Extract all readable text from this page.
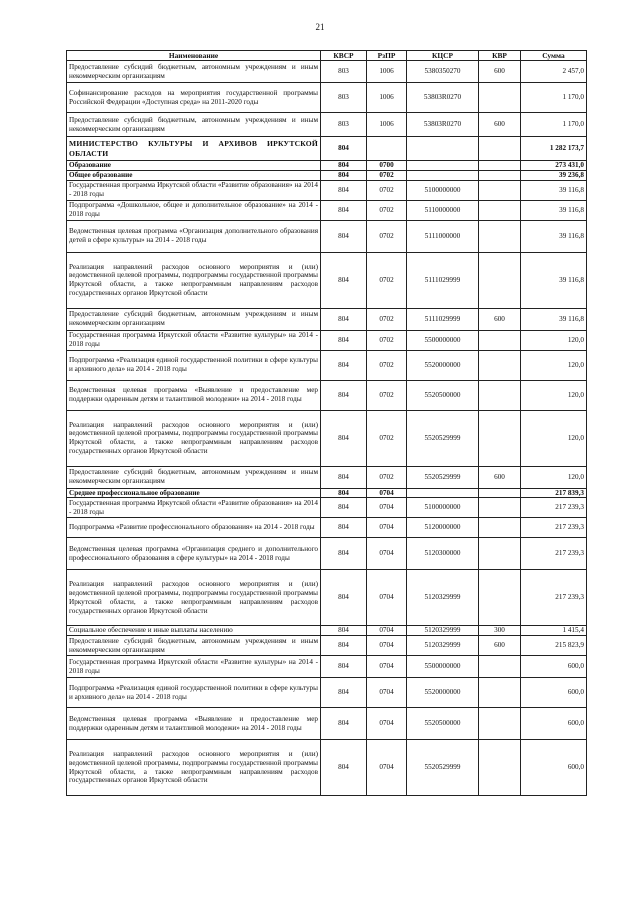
21
Наименование	КВСР	РзПР	КЦСР	КВР	Сумма
Предоставление субсидий бюджетным, автономным учреждениям и иным некоммерческим организациям	803	1006	5380350270	600	2 457,0
Софинансирование расходов на мероприятия государственной программы Российской Федерации «Доступная среда» на 2011-2020 годы	803	1006	53803R0270		1 170,0
Предоставление субсидий бюджетным, автономным учреждениям и иным некоммерческим организациям	803	1006	53803R0270	600	1 170,0
МИНИСТЕРСТВО КУЛЬТУРЫ И АРХИВОВ ИРКУТСКОЙ ОБЛАСТИ	804				1 282 173,7
Образование	804	0700			273 431,0
Общее образование	804	0702			39 236,8
Государственная программа Иркутской области «Развитие образования» на 2014 - 2018 годы	804	0702	5100000000		39 116,8
Подпрограмма «Дошкольное, общее и дополнительное образование» на 2014 - 2018 годы	804	0702	5110000000		39 116,8
Ведомственная целевая программа «Организация дополнительного образования детей в сфере культуры» на 2014 - 2018 годы	804	0702	5111000000		39 116,8
Реализация направлений расходов основного мероприятия и (или) ведомственной целевой программы, подпрограммы государственной программы Иркутской области, а также непрограммным направлениям расходов государственных органов Иркутской области	804	0702	5111029999		39 116,8
Предоставление субсидий бюджетным, автономным учреждениям и иным некоммерческим организациям	804	0702	5111029999	600	39 116,8
Государственная программа Иркутской области «Развитие культуры» на 2014 - 2018 годы	804	0702	5500000000		120,0
Подпрограмма «Реализация единой государственной политики в сфере культуры и архивного дела» на 2014 - 2018 годы	804	0702	5520000000		120,0
Ведомственная целевая программа «Выявление и предоставление мер поддержки одаренным детям и талантливой молодежи» на 2014 - 2018 годы	804	0702	5520500000		120,0
Реализация направлений расходов основного мероприятия и (или) ведомственной целевой программы, подпрограммы государственной программы Иркутской области, а также непрограммным направлениям расходов государственных органов Иркутской области	804	0702	5520529999		120,0
Предоставление субсидий бюджетным, автономным учреждениям и иным некоммерческим организациям	804	0702	5520529999	600	120,0
Среднее профессиональное образование	804	0704			217 839,3
Государственная программа Иркутской области «Развитие образования» на 2014 - 2018 годы	804	0704	5100000000		217 239,3
Подпрограмма «Развитие профессионального образования» на 2014 - 2018 годы	804	0704	5120000000		217 239,3
Ведомственная целевая программа «Организация среднего и дополнительного профессионального образования в сфере культуры» на 2014 - 2018 годы	804	0704	5120300000		217 239,3
Реализация направлений расходов основного мероприятия и (или) ведомственной целевой программы, подпрограммы государственной программы Иркутской области, а также непрограммным направлениям расходов государственных органов Иркутской области	804	0704	5120329999		217 239,3
Социальное обеспечение и иные выплаты населению	804	0704	5120329999	300	1 415,4
Предоставление субсидий бюджетным, автономным учреждениям и иным некоммерческим организациям	804	0704	5120329999	600	215 823,9
Государственная программа Иркутской области «Развитие культуры» на 2014 - 2018 годы	804	0704	5500000000		600,0
Подпрограмма «Реализация единой государственной политики в сфере культуры и архивного дела» на 2014 - 2018 годы	804	0704	5520000000		600,0
Ведомственная целевая программа «Выявление и предоставление мер поддержки одаренным детям и талантливой молодежи» на 2014 - 2018 годы	804	0704	5520500000		600,0
Реализация направлений расходов основного мероприятия и (или) ведомственной целевой программы, подпрограммы государственной программы Иркутской области, а также непрограммным направлениям расходов государственных органов Иркутской области	804	0704	5520529999		600,0
